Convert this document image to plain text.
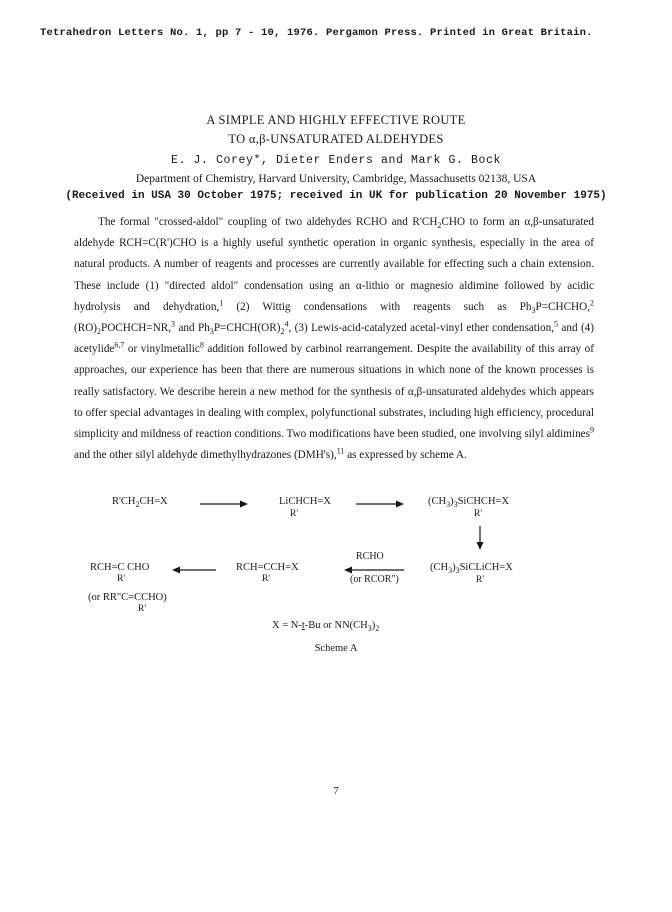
Tetrahedron Letters No. 1, pp 7 - 10, 1976. Pergamon Press. Printed in Great Britain.
A SIMPLE AND HIGHLY EFFECTIVE ROUTE
TO α,β-UNSATURATED ALDEHYDES
E. J. Corey*, Dieter Enders and Mark G. Bock
Department of Chemistry, Harvard University, Cambridge, Massachusetts 02138, USA
(Received in USA 30 October 1975; received in UK for publication 20 November 1975)

The formal "crossed-aldol" coupling of two aldehydes RCHO and $R'CH_2CHO$ to form an α,β-unsaturated aldehyde RCH=C(R')CHO is a highly useful synthetic operation in organic synthesis, especially in the area of natural products. A number of reagents and processes are currently available for effecting such a chain extension. These include (1) "directed aldol" condensation using an α-lithio or magnesio aldimine followed by acidic hydrolysis and dehydration,$^1$ (2) Wittig condensations with reagents such as $Ph_3P=CHCHO,^2$ $(RO)_2POCHCH=NR,^3$ and $Ph_3P=CHCH(OR)_2^4$, (3) Lewis-acid-catalyzed acetal-vinyl ether condensation,$^5$ and (4) acetylide$^{6,7}$ or vinylmetallic$^8$ addition followed by carbinol rearrangement. Despite the availability of this array of approaches, our experience has been that there are numerous situations in which none of the known processes is really satisfactory. We describe herein a new method for the synthesis of α,β-unsaturated aldehydes which appears to offer special advantages in dealing with complex, polyfunctional substrates, including high efficiency, procedural simplicity and mildness of reaction conditions. Two modifications have been studied, one involving silyl aldimines$^9$ and the other silyl aldehyde dimethylhydrazones (DMH's),$^{11}$ as expressed by scheme A.

$R'CH_2CH=X$	LiCHCH=X
R'
$(CH_3)_3SiCHCH=X$
R'
RCH=C CHO
R'
RCH=CCH=X
R'
RCHO
(or RCOR")
$(CH_3)_3SiCLiCH=X$
R'
(or RR"C=CCHO)
R'
X = N-t-Bu or $NN(CH_3)_2$
Scheme A
7
